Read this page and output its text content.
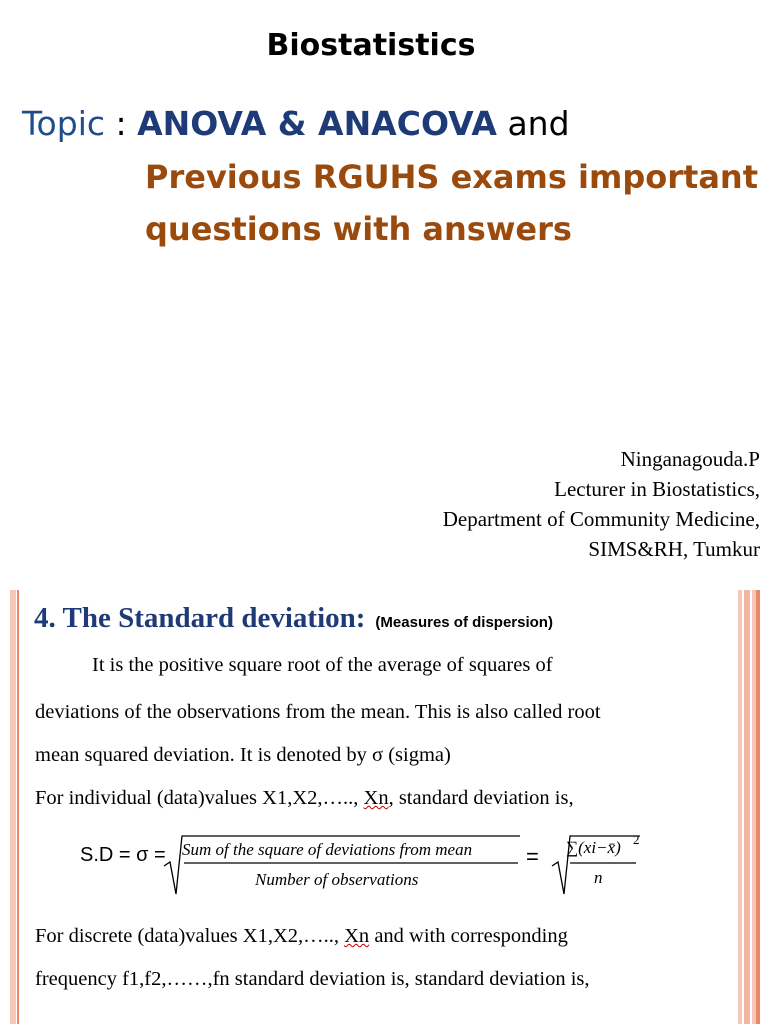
Biostatistics
Topic : ANOVA & ANACOVA and
Previous RGUHS exams important
questions with answers
Ninganagouda.P
Lecturer in Biostatistics,
Department of Community Medicine,
SIMS&RH, Tumkur
4. The Standard deviation: (Measures of dispersion)
It is the positive square root of the average of squares of
deviations of the observations from the mean. This is also called root
mean squared deviation. It is denoted by σ (sigma)
For individual (data)values X1,X2,….., Xn, standard deviation is,
S.D = σ = Sum of the square of deviations from mean
Number of observations
= ∑(xi−x̄) 2
n
For discrete (data)values X1,X2,….., Xn and with corresponding
frequency f1,f2,……,fn standard deviation is, standard deviation is,
